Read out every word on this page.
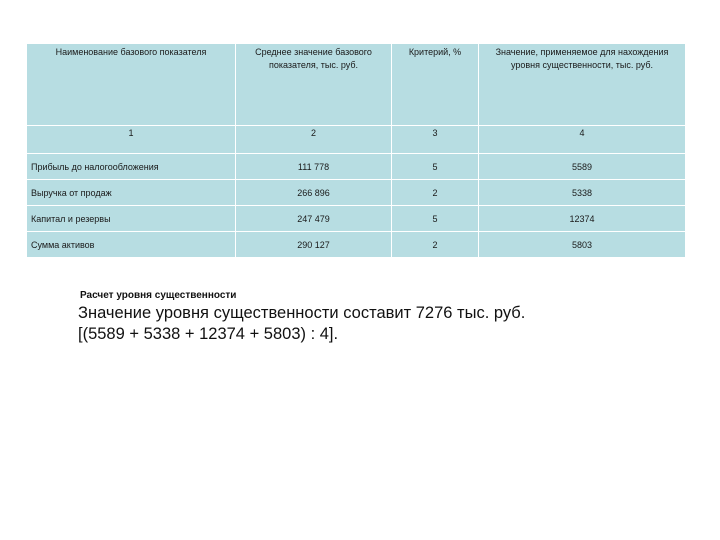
Наименование базового показателя	Среднее значение базового показателя, тыс. руб.	Критерий, %	Значение, применяемое для нахождения уровня существенности, тыс. руб.
1	2	3	4
Прибыль до налогообложения	111 778	5	5589
Выручка от продаж	266 896	2	5338
Капитал и резервы	247 479	5	12374
Сумма активов	290 127	2	5803
Расчет уровня существенности
Значение уровня существенности составит 7276 тыс. руб.
[(5589 + 5338 + 12374 + 5803) : 4].
